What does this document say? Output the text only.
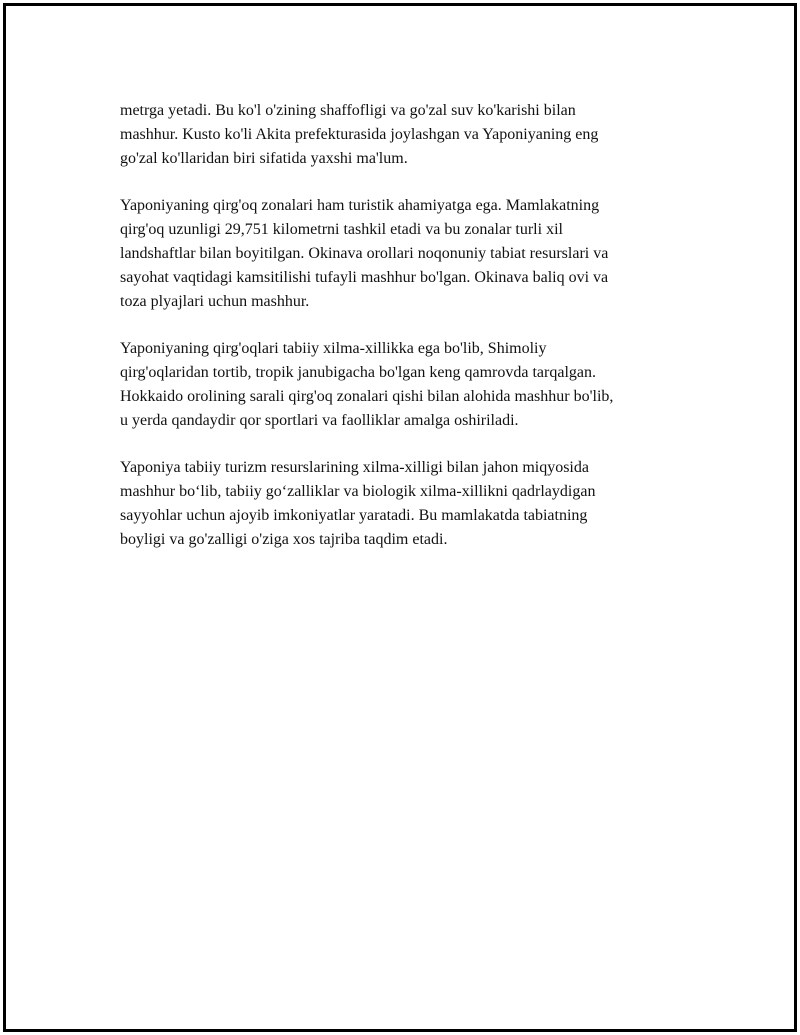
metrga yetadi. Bu ko'l o'zining shaffofligi va go'zal suv ko'karishi bilan
mashhur. Kusto ko'li Akita prefekturasida joylashgan va Yaponiyaning eng
go'zal ko'llaridan biri sifatida yaxshi ma'lum.

Yaponiyaning qirg'oq zonalari ham turistik ahamiyatga ega. Mamlakatning
qirg'oq uzunligi 29,751 kilometrni tashkil etadi va bu zonalar turli xil
landshaftlar bilan boyitilgan. Okinava orollari noqonuniy tabiat resurslari va
sayohat vaqtidagi kamsitilishi tufayli mashhur bo'lgan. Okinava baliq ovi va
toza plyajlari uchun mashhur.

Yaponiyaning qirg'oqlari tabiiy xilma-xillikka ega bo'lib, Shimoliy
qirg'oqlaridan tortib, tropik janubigacha bo'lgan keng qamrovda tarqalgan.
Hokkaido orolining sarali qirg'oq zonalari qishi bilan alohida mashhur bo'lib,
u yerda qandaydir qor sportlari va faolliklar amalga oshiriladi.

Yaponiya tabiiy turizm resurslarining xilma-xilligi bilan jahon miqyosida
mashhur bo‘lib, tabiiy go‘zalliklar va biologik xilma-xillikni qadrlaydigan
sayyohlar uchun ajoyib imkoniyatlar yaratadi. Bu mamlakatda tabiatning
boyligi va go'zalligi o'ziga xos tajriba taqdim etadi.
